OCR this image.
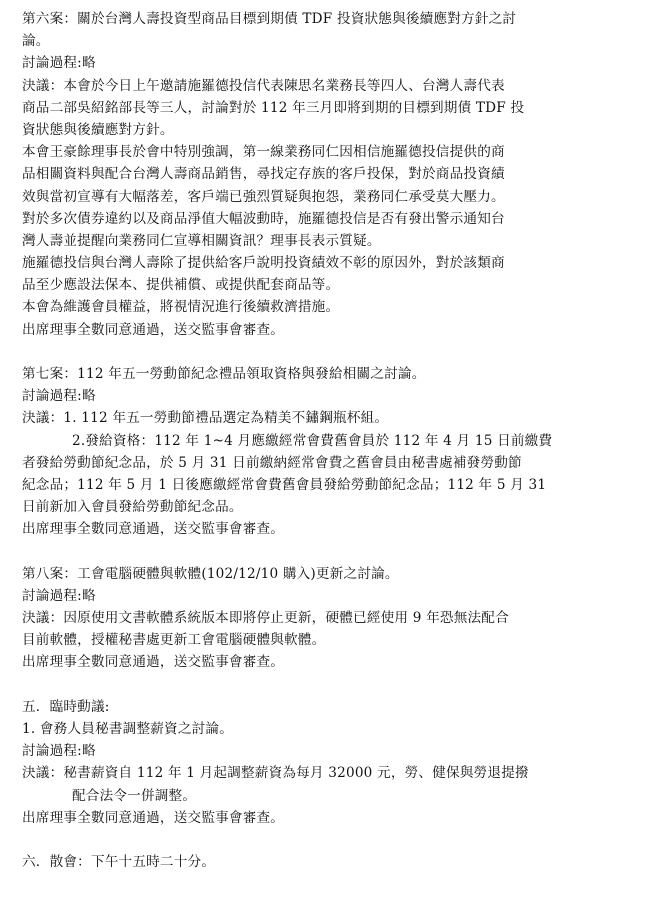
第六案：關於台灣人壽投資型商品目標到期債 TDF 投資狀態與後續應對方針之討
論。
討論過程:略
決議：本會於今日上午邀請施羅德投信代表陳思名業務長等四人、台灣人壽代表
商品二部吳紹銘部長等三人，討論對於 112 年三月即將到期的目標到期債 TDF 投
資狀態與後續應對方針。
本會王豪餘理事長於會中特別強調，第一線業務同仁因相信施羅德投信提供的商
品相關資料與配合台灣人壽商品銷售，尋找定存族的客戶投保，對於商品投資績
效與當初宣導有大幅落差，客戶端已強烈質疑與抱怨，業務同仁承受莫大壓力。
對於多次債券違約以及商品淨值大幅波動時，施羅德投信是否有發出警示通知台
灣人壽並提醒向業務同仁宣導相關資訊？理事長表示質疑。
施羅德投信與台灣人壽除了提供給客戶說明投資績效不彰的原因外，對於該類商
品至少應設法保本、提供補償、或提供配套商品等。
本會為維護會員權益，將視情況進行後續救濟措施。
出席理事全數同意通過，送交監事會審查。
第七案：112 年五一勞動節紀念禮品領取資格與發給相關之討論。
討論過程:略
決議：1. 112 年五一勞動節禮品選定為精美不鏽鋼瓶杯組。
2.發給資格：112 年 1~4 月應繳經常會費舊會員於 112 年 4 月 15 日前繳費
者發給勞動節紀念品，於 5 月 31 日前繳納經常會費之舊會員由秘書處補發勞動節
紀念品；112 年 5 月 1 日後應繳經常會費舊會員發給勞動節紀念品；112 年 5 月 31
日前新加入會員發給勞動節紀念品。
出席理事全數同意通過，送交監事會審查。
第八案：工會電腦硬體與軟體(102/12/10 購入)更新之討論。
討論過程:略
決議：因原使用文書軟體系統版本即將停止更新，硬體已經使用 9 年恐無法配合
目前軟體，授權秘書處更新工會電腦硬體與軟體。
出席理事全數同意通過，送交監事會審查。
五．臨時動議:
1. 會務人員秘書調整薪資之討論。
討論過程:略
決議：秘書薪資自 112 年 1 月起調整薪資為每月 32000 元，勞、健保與勞退提撥
配合法令一併調整。
出席理事全數同意通過，送交監事會審查。
六．散會：下午十五時二十分。
